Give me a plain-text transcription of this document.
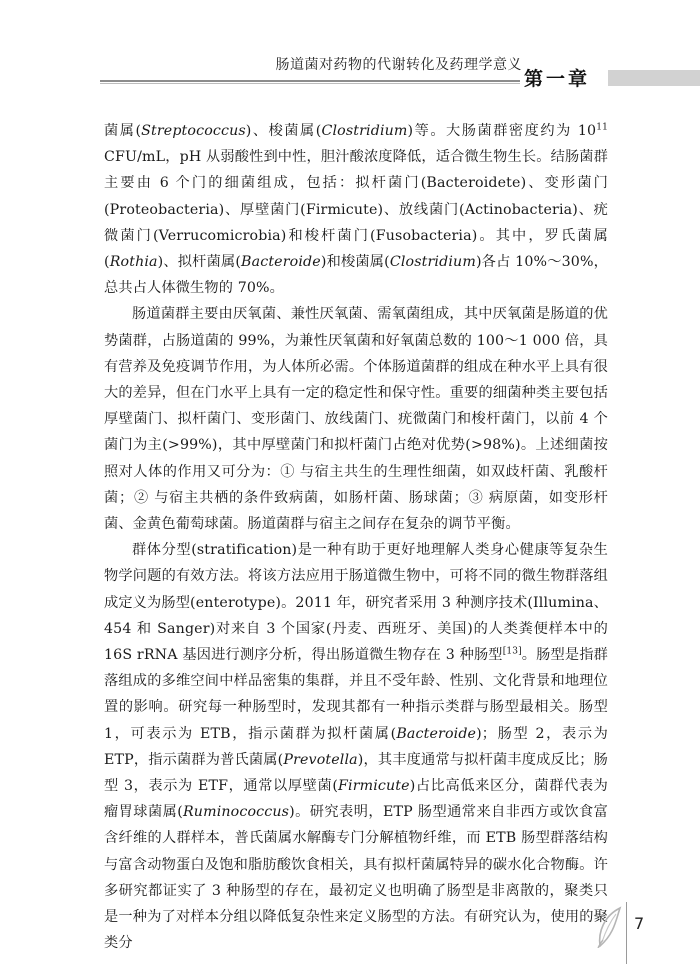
肠道菌对药物的代谢转化及药理学意义
第一章

菌属(Streptococcus)、梭菌属(Clostridium)等。大肠菌群密度约为 $10^{11}$ CFU/mL，pH 从弱酸性到中性，胆汁酸浓度降低，适合微生物生长。结肠菌群主要由 6 个门的细菌组成，包括：拟杆菌门(Bacteroidete)、变形菌门(Proteobacteria)、厚壁菌门(Firmicute)、放线菌门(Actinobacteria)、疣微菌门(Verrucomicrobia)和梭杆菌门(Fusobacteria)。其中，罗氏菌属(Rothia)、拟杆菌属(Bacteroide)和梭菌属(Clostridium)各占 10%～30%，总共占人体微生物的 70%。

肠道菌群主要由厌氧菌、兼性厌氧菌、需氧菌组成，其中厌氧菌是肠道的优势菌群，占肠道菌的 99%，为兼性厌氧菌和好氧菌总数的 100～1 000 倍，具有营养及免疫调节作用，为人体所必需。个体肠道菌群的组成在种水平上具有很大的差异，但在门水平上具有一定的稳定性和保守性。重要的细菌种类主要包括厚壁菌门、拟杆菌门、变形菌门、放线菌门、疣微菌门和梭杆菌门，以前 4 个菌门为主(>99%)，其中厚壁菌门和拟杆菌门占绝对优势(>98%)。上述细菌按照对人体的作用又可分为：① 与宿主共生的生理性细菌，如双歧杆菌、乳酸杆菌；② 与宿主共栖的条件致病菌，如肠杆菌、肠球菌；③ 病原菌，如变形杆菌、金黄色葡萄球菌。肠道菌群与宿主之间存在复杂的调节平衡。

群体分型(stratification)是一种有助于更好地理解人类身心健康等复杂生物学问题的有效方法。将该方法应用于肠道微生物中，可将不同的微生物群落组成定义为肠型(enterotype)。2011 年，研究者采用 3 种测序技术(Illumina、454 和 Sanger)对来自 3 个国家(丹麦、西班牙、美国)的人类粪便样本中的 16S rRNA 基因进行测序分析，得出肠道微生物存在 3 种肠型[13]。肠型是指群落组成的多维空间中样品密集的集群，并且不受年龄、性别、文化背景和地理位置的影响。研究每一种肠型时，发现其都有一种指示类群与肠型最相关。肠型 1，可表示为 ETB，指示菌群为拟杆菌属(Bacteroide)；肠型 2，表示为 ETP，指示菌群为普氏菌属(Prevotella)，其丰度通常与拟杆菌丰度成反比；肠型 3，表示为 ETF，通常以厚壁菌(Firmicute)占比高低来区分，菌群代表为瘤胃球菌属(Ruminococcus)。研究表明，ETP 肠型通常来自非西方或饮食富含纤维的人群样本，普氏菌属水解酶专门分解植物纤维，而 ETB 肠型群落结构与富含动物蛋白及饱和脂肪酸饮食相关，具有拟杆菌属特异的碳水化合物酶。许多研究都证实了 3 种肠型的存在，最初定义也明确了肠型是非离散的，聚类只是一种为了对样本分组以降低复杂性来定义肠型的方法。有研究认为，使用的聚类分

7
